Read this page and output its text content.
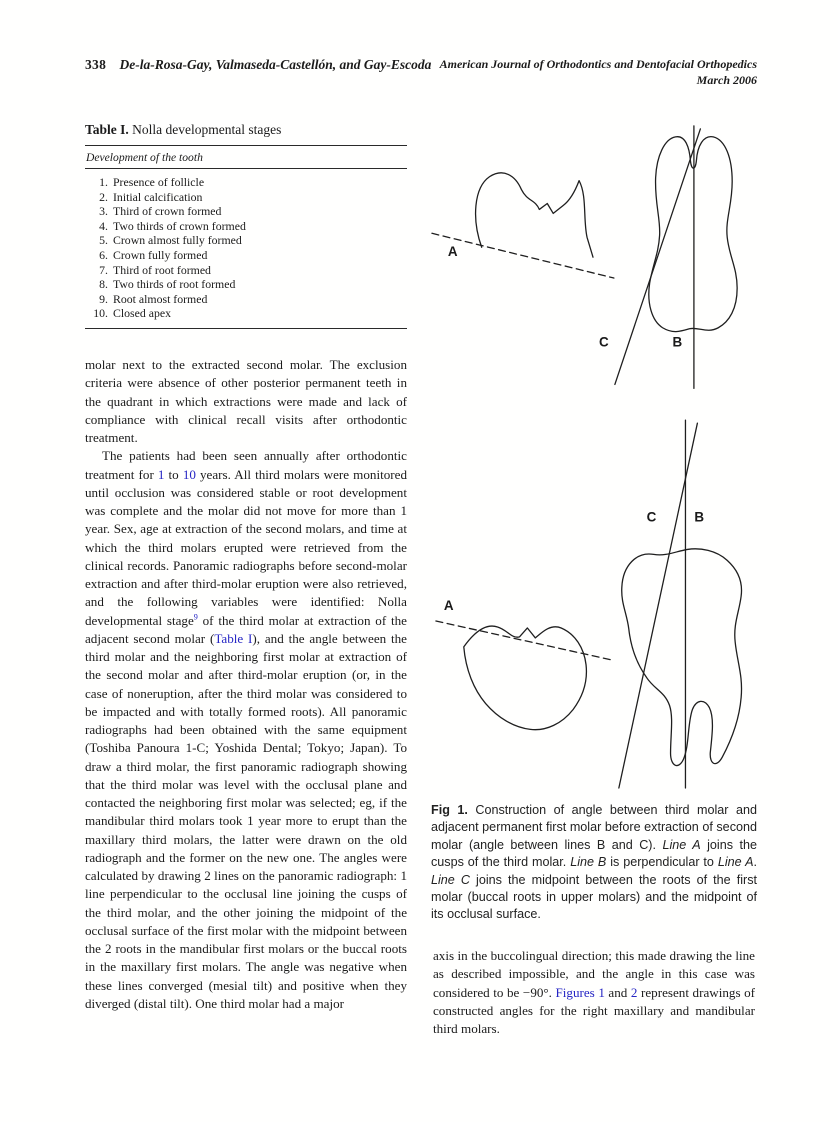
338 De-la-Rosa-Gay, Valmaseda-Castellón, and Gay-Escoda American Journal of Orthodontics and Dentofacial Orthopedics
March 2006
Table I. Nolla developmental stages
Development of the tooth
1. Presence of follicle
2. Initial calcification
3. Third of crown formed
4. Two thirds of crown formed
5. Crown almost fully formed
6. Crown fully formed
7. Third of root formed
8. Two thirds of root formed
9. Root almost formed
10. Closed apex

molar next to the extracted second molar. The exclusion criteria were absence of other posterior permanent teeth in the quadrant in which extractions were made and lack of compliance with clinical recall visits after orthodontic treatment.

The patients had been seen annually after orthodontic treatment for 1 to 10 years. All third molars were monitored until occlusion was considered stable or root development was complete and the molar did not move for more than 1 year. Sex, age at extraction of the second molars, and time at which the third molars erupted were retrieved from the clinical records. Panoramic radiographs before second-molar extraction and after third-molar eruption were also retrieved, and the following variables were identified: Nolla developmental stage$^9$ of the third molar at extraction of the adjacent second molar (Table I), and the angle between the third molar and the neighboring first molar at extraction of the second molar and after third-molar eruption (or, in the case of noneruption, after the third molar was considered to be impacted and with totally formed roots). All panoramic radiographs had been obtained with the same equipment (Toshiba Panoura 1-C; Yoshida Dental; Tokyo; Japan). To draw a third molar, the first panoramic radiograph showing that the third molar was level with the occlusal plane and contacted the neighboring first molar was selected; eg, if the mandibular third molars took 1 year more to erupt than the maxillary third molars, the latter were drawn on the old radiograph and the former on the new one. The angles were calculated by drawing 2 lines on the panoramic radiograph: 1 line perpendicular to the occlusal line joining the cusps of the third molar, and the other joining the midpoint of the occlusal surface of the first molar with the midpoint between the 2 roots in the mandibular first molars or the buccal roots in the maxillary first molars. The angle was negative when these lines converged (mesial tilt) and positive when they diverged (distal tilt). One third molar had a major

A
C	B
C	B
A
Fig 1. Construction of angle between third molar and adjacent permanent first molar before extraction of second molar (angle between lines B and C). Line A joins the cusps of the third molar. Line B is perpendicular to Line A. Line C joins the midpoint between the roots of the first molar (buccal roots in upper molars) and the midpoint of its occlusal surface.

axis in the buccolingual direction; this made drawing the line as described impossible, and the angle in this case was considered to be −90°. Figures 1 and 2 represent drawings of constructed angles for the right maxillary and mandibular third molars.
